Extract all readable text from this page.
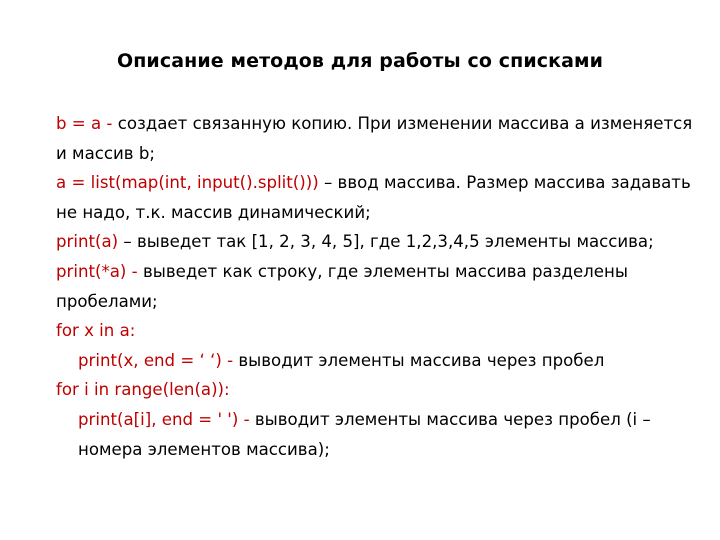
Описание методов для работы со списками

b = a - создает связанную копию. При изменении массива a изменяется и массив b;

a = list(map(int, input().split())) – ввод массива. Размер массива задавать не надо, т.к. массив динамический;

print(a) – выведет так [1, 2, 3, 4, 5], где 1,2,3,4,5 элементы массива;

print(*a) - выведет как строку, где элементы массива разделены пробелами;

for x in a:

print(x, end = ‘ ‘) - выводит элементы массива через пробел

for i in range(len(a)):

print(a[i], end = ' ') - выводит элементы массива через пробел (i – номера элементов массива);
